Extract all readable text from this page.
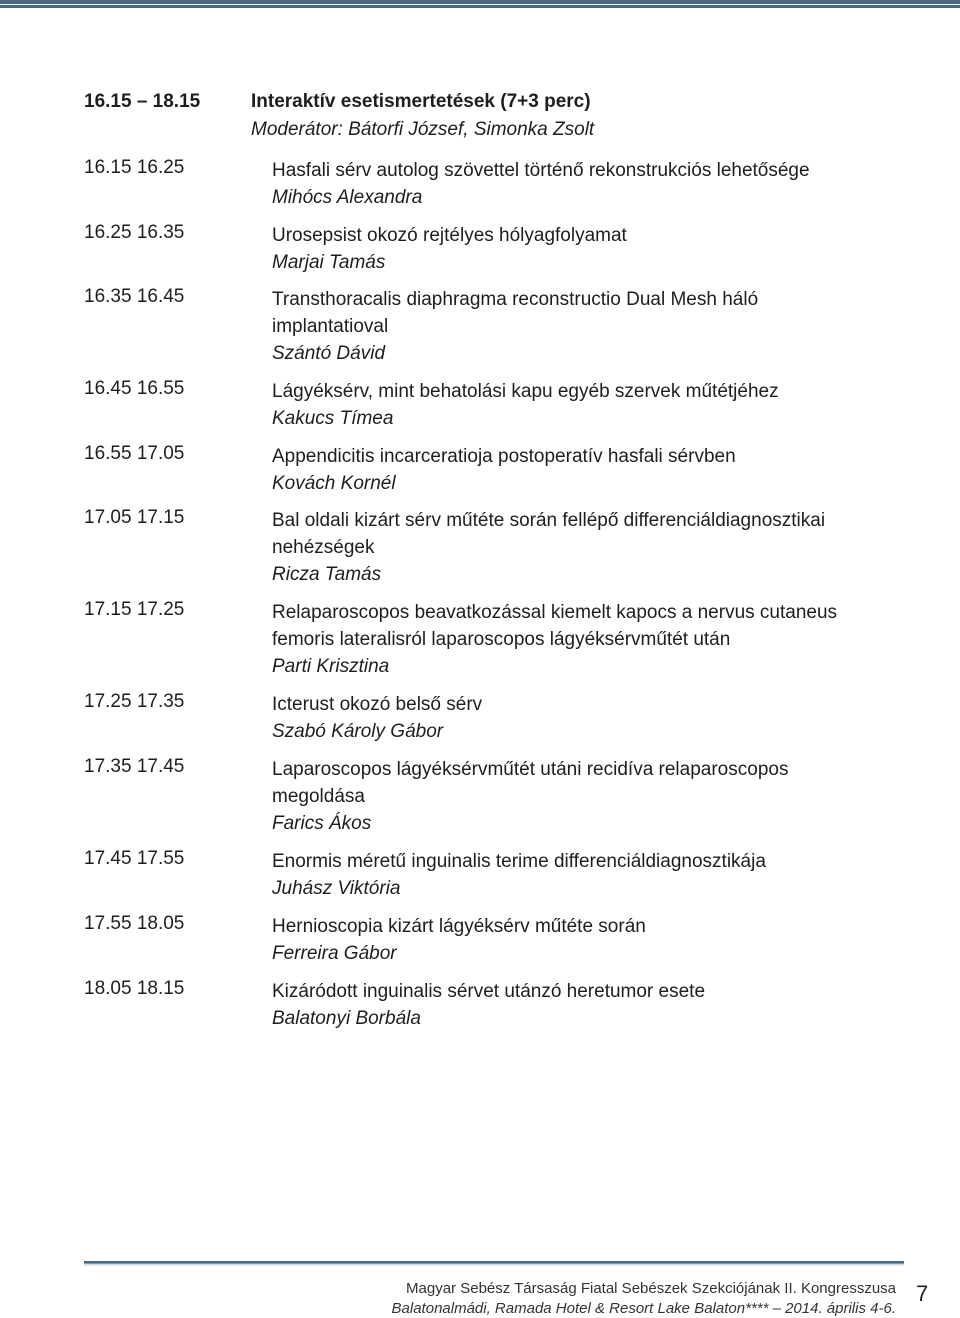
16.15 – 18.15	Interaktív esetismertetések (7+3 perc)
Moderátor: Bátorfi József, Simonka Zsolt
16.15 16.25	Hasfali sérv autolog szövettel történő rekonstrukciós lehetősége
Mihócs Alexandra
16.25 16.35	Urosepsist okozó rejtélyes hólyagfolyamat
Marjai Tamás
16.35 16.45	Transthoracalis diaphragma reconstructio Dual Mesh háló implantatioval
Szántó Dávid
16.45 16.55	Lágyéksérv, mint behatolási kapu egyéb szervek műtétjéhez
Kakucs Tímea
16.55 17.05	Appendicitis incarceratioja postoperatív hasfali sérvben
Kovách Kornél
17.05 17.15	Bal oldali kizárt sérv műtéte során fellépő differenciáldiagnosztikai nehézségek
Ricza Tamás
17.15 17.25	Relaparoscopos beavatkozással kiemelt kapocs a nervus cutaneus femoris lateralisról laparoscopos lágyéksérvműtét után
Parti Krisztina
17.25 17.35	Icterust okozó belső sérv
Szabó Károly Gábor
17.35 17.45	Laparoscopos lágyéksérvműtét utáni recidíva relaparoscopos megoldása
Farics Ákos
17.45 17.55	Enormis méretű inguinalis terime differenciáldiagnosztikája
Juhász Viktória
17.55 18.05	Hernioscopia kizárt lágyéksérv műtéte során
Ferreira Gábor
18.05 18.15	Kizáródott inguinalis sérvet utánzó heretumor esete
Balatonyi Borbála
Magyar Sebész Társaság Fiatal Sebészek Szekciójának II. Kongresszusa
Balatonalmádi, Ramada Hotel & Resort Lake Balaton**** – 2014. április 4-6.
7
